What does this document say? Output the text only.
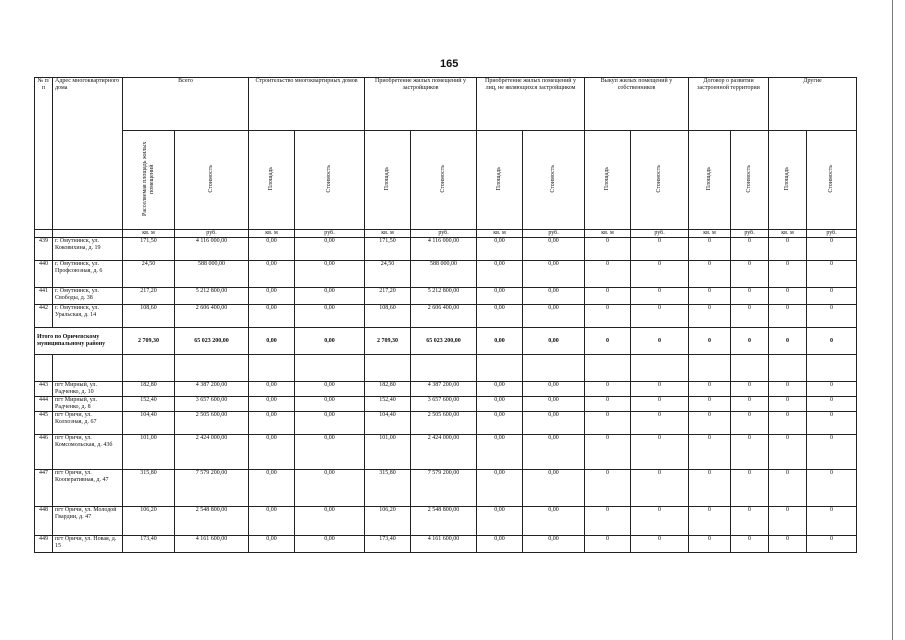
165
№ п/п	Адрес многоквартирного дома	Всего		Строительство многоквартирных домов		Приобретение жилых помещений у застройщиков		Приобретение жилых помещений у лиц, не являющихся застройщиком		Выкуп жилых помещений у собственников		Договор о развитии застроенной территории		Другие	
		Расселяемая площадь жилых помещений	Стоимость	Площадь	Стоимость	Площадь	Стоимость	Площадь	Стоимость	Площадь	Стоимость	Площадь	Стоимость	Площадь	Стоимость
		кв. м	руб.	кв. м	руб.	кв. м	руб.	кв. м	руб.	кв. м	руб.	кв. м	руб.	кв. м	руб.
439	г. Омутнинск, ул. Коковихина, д. 19	171,50	4 116 000,00	0,00	0,00	171,50	4 116 000,00	0,00	0,00	0	0	0	0	0	0
440	г. Омутнинск, ул. Профсоюзная, д. 6	24,50	588 000,00	0,00	0,00	24,50	588 000,00	0,00	0,00	0	0	0	0	0	0
441	г. Омутнинск, ул. Свободы, д. 38	217,20	5 212 800,00	0,00	0,00	217,20	5 212 800,00	0,00	0,00	0	0	0	0	0	0
442	г. Омутнинск, ул. Уральская, д. 14	108,60	2 606 400,00	0,00	0,00	108,60	2 606 400,00	0,00	0,00	0	0	0	0	0	0
Итого по Оричевскому муниципальному району		2 709,30	65 023 200,00	0,00	0,00	2 709,30	65 023 200,00	0,00	0,00	0	0	0	0	0	0

443	пгт Мирный, ул. Радченко, д. 10	182,80	4 387 200,00	0,00	0,00	182,80	4 387 200,00	0,00	0,00	0	0	0	0	0	0
444	пгт Мирный, ул. Радченко, д. 8	152,40	3 657 600,00	0,00	0,00	152,40	3 657 600,00	0,00	0,00	0	0	0	0	0	0
445	пгт Оричи, ул. Колхозная, д. 67	104,40	2 505 600,00	0,00	0,00	104,40	2 505 600,00	0,00	0,00	0	0	0	0	0	0
446	пгт Оричи, ул. Комсомольская, д. 43б	101,00	2 424 000,00	0,00	0,00	101,00	2 424 000,00	0,00	0,00	0	0	0	0	0	0
447	пгт Оричи, ул. Кооперативная, д. 47	315,80	7 579 200,00	0,00	0,00	315,80	7 579 200,00	0,00	0,00	0	0	0	0	0	0
448	пгт Оричи, ул. Молодой Гвардии, д. 47	106,20	2 548 800,00	0,00	0,00	106,20	2 548 800,00	0,00	0,00	0	0	0	0	0	0
449	пгт Оричи, ул. Новая, д. 15	173,40	4 161 600,00	0,00	0,00	173,40	4 161 600,00	0,00	0,00	0	0	0	0	0	0
